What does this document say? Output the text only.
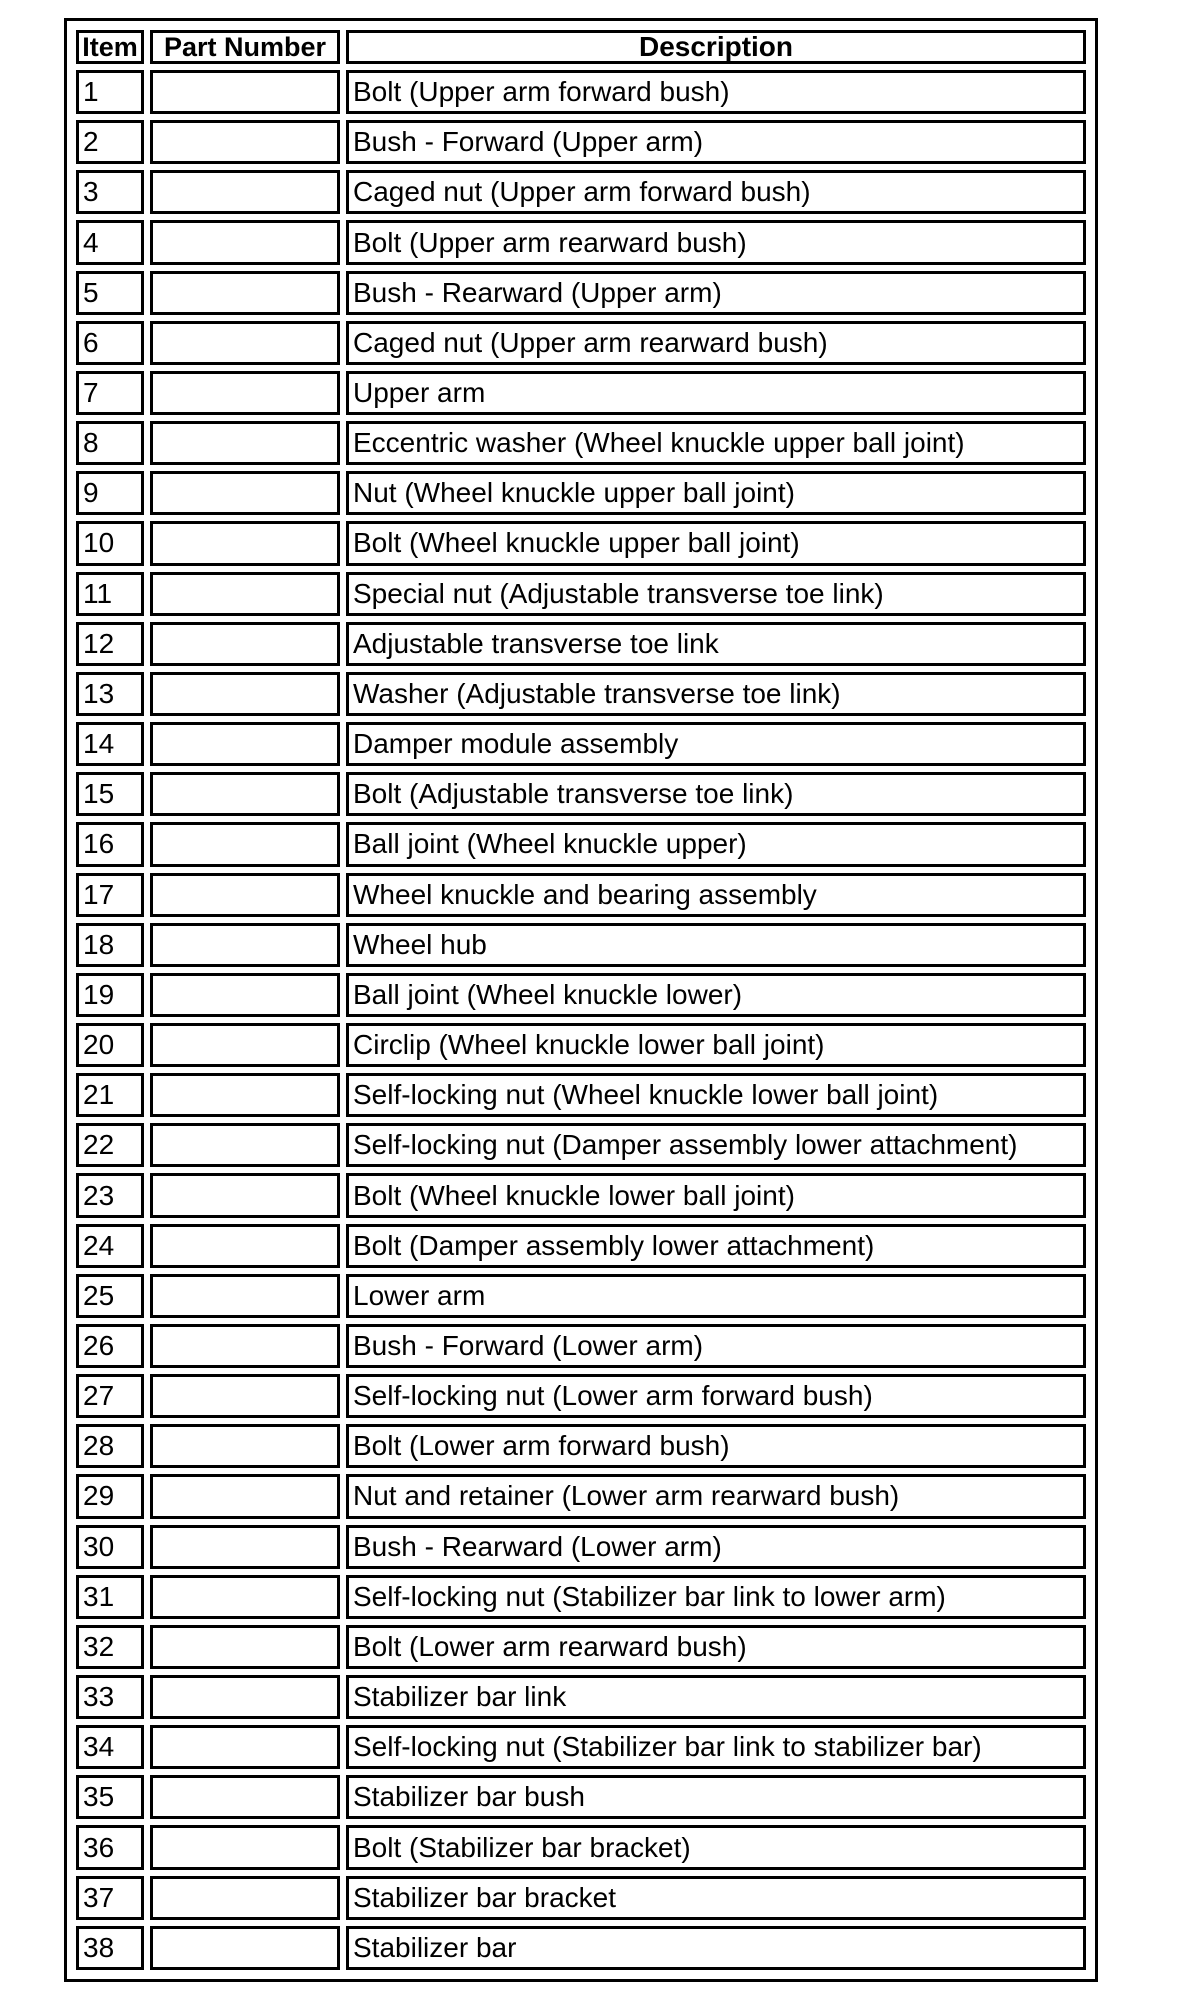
Item	Part Number	Description
1		Bolt (Upper arm forward bush)
2		Bush - Forward (Upper arm)
3		Caged nut (Upper arm forward bush)
4		Bolt (Upper arm rearward bush)
5		Bush - Rearward (Upper arm)
6		Caged nut (Upper arm rearward bush)
7		Upper arm
8		Eccentric washer (Wheel knuckle upper ball joint)
9		Nut (Wheel knuckle upper ball joint)
10		Bolt (Wheel knuckle upper ball joint)
11		Special nut (Adjustable transverse toe link)
12		Adjustable transverse toe link
13		Washer (Adjustable transverse toe link)
14		Damper module assembly
15		Bolt (Adjustable transverse toe link)
16		Ball joint (Wheel knuckle upper)
17		Wheel knuckle and bearing assembly
18		Wheel hub
19		Ball joint (Wheel knuckle lower)
20		Circlip (Wheel knuckle lower ball joint)
21		Self-locking nut (Wheel knuckle lower ball joint)
22		Self-locking nut (Damper assembly lower attachment)
23		Bolt (Wheel knuckle lower ball joint)
24		Bolt (Damper assembly lower attachment)
25		Lower arm
26		Bush - Forward (Lower arm)
27		Self-locking nut (Lower arm forward bush)
28		Bolt (Lower arm forward bush)
29		Nut and retainer (Lower arm rearward bush)
30		Bush - Rearward (Lower arm)
31		Self-locking nut (Stabilizer bar link to lower arm)
32		Bolt (Lower arm rearward bush)
33		Stabilizer bar link
34		Self-locking nut (Stabilizer bar link to stabilizer bar)
35		Stabilizer bar bush
36		Bolt (Stabilizer bar bracket)
37		Stabilizer bar bracket
38		Stabilizer bar
